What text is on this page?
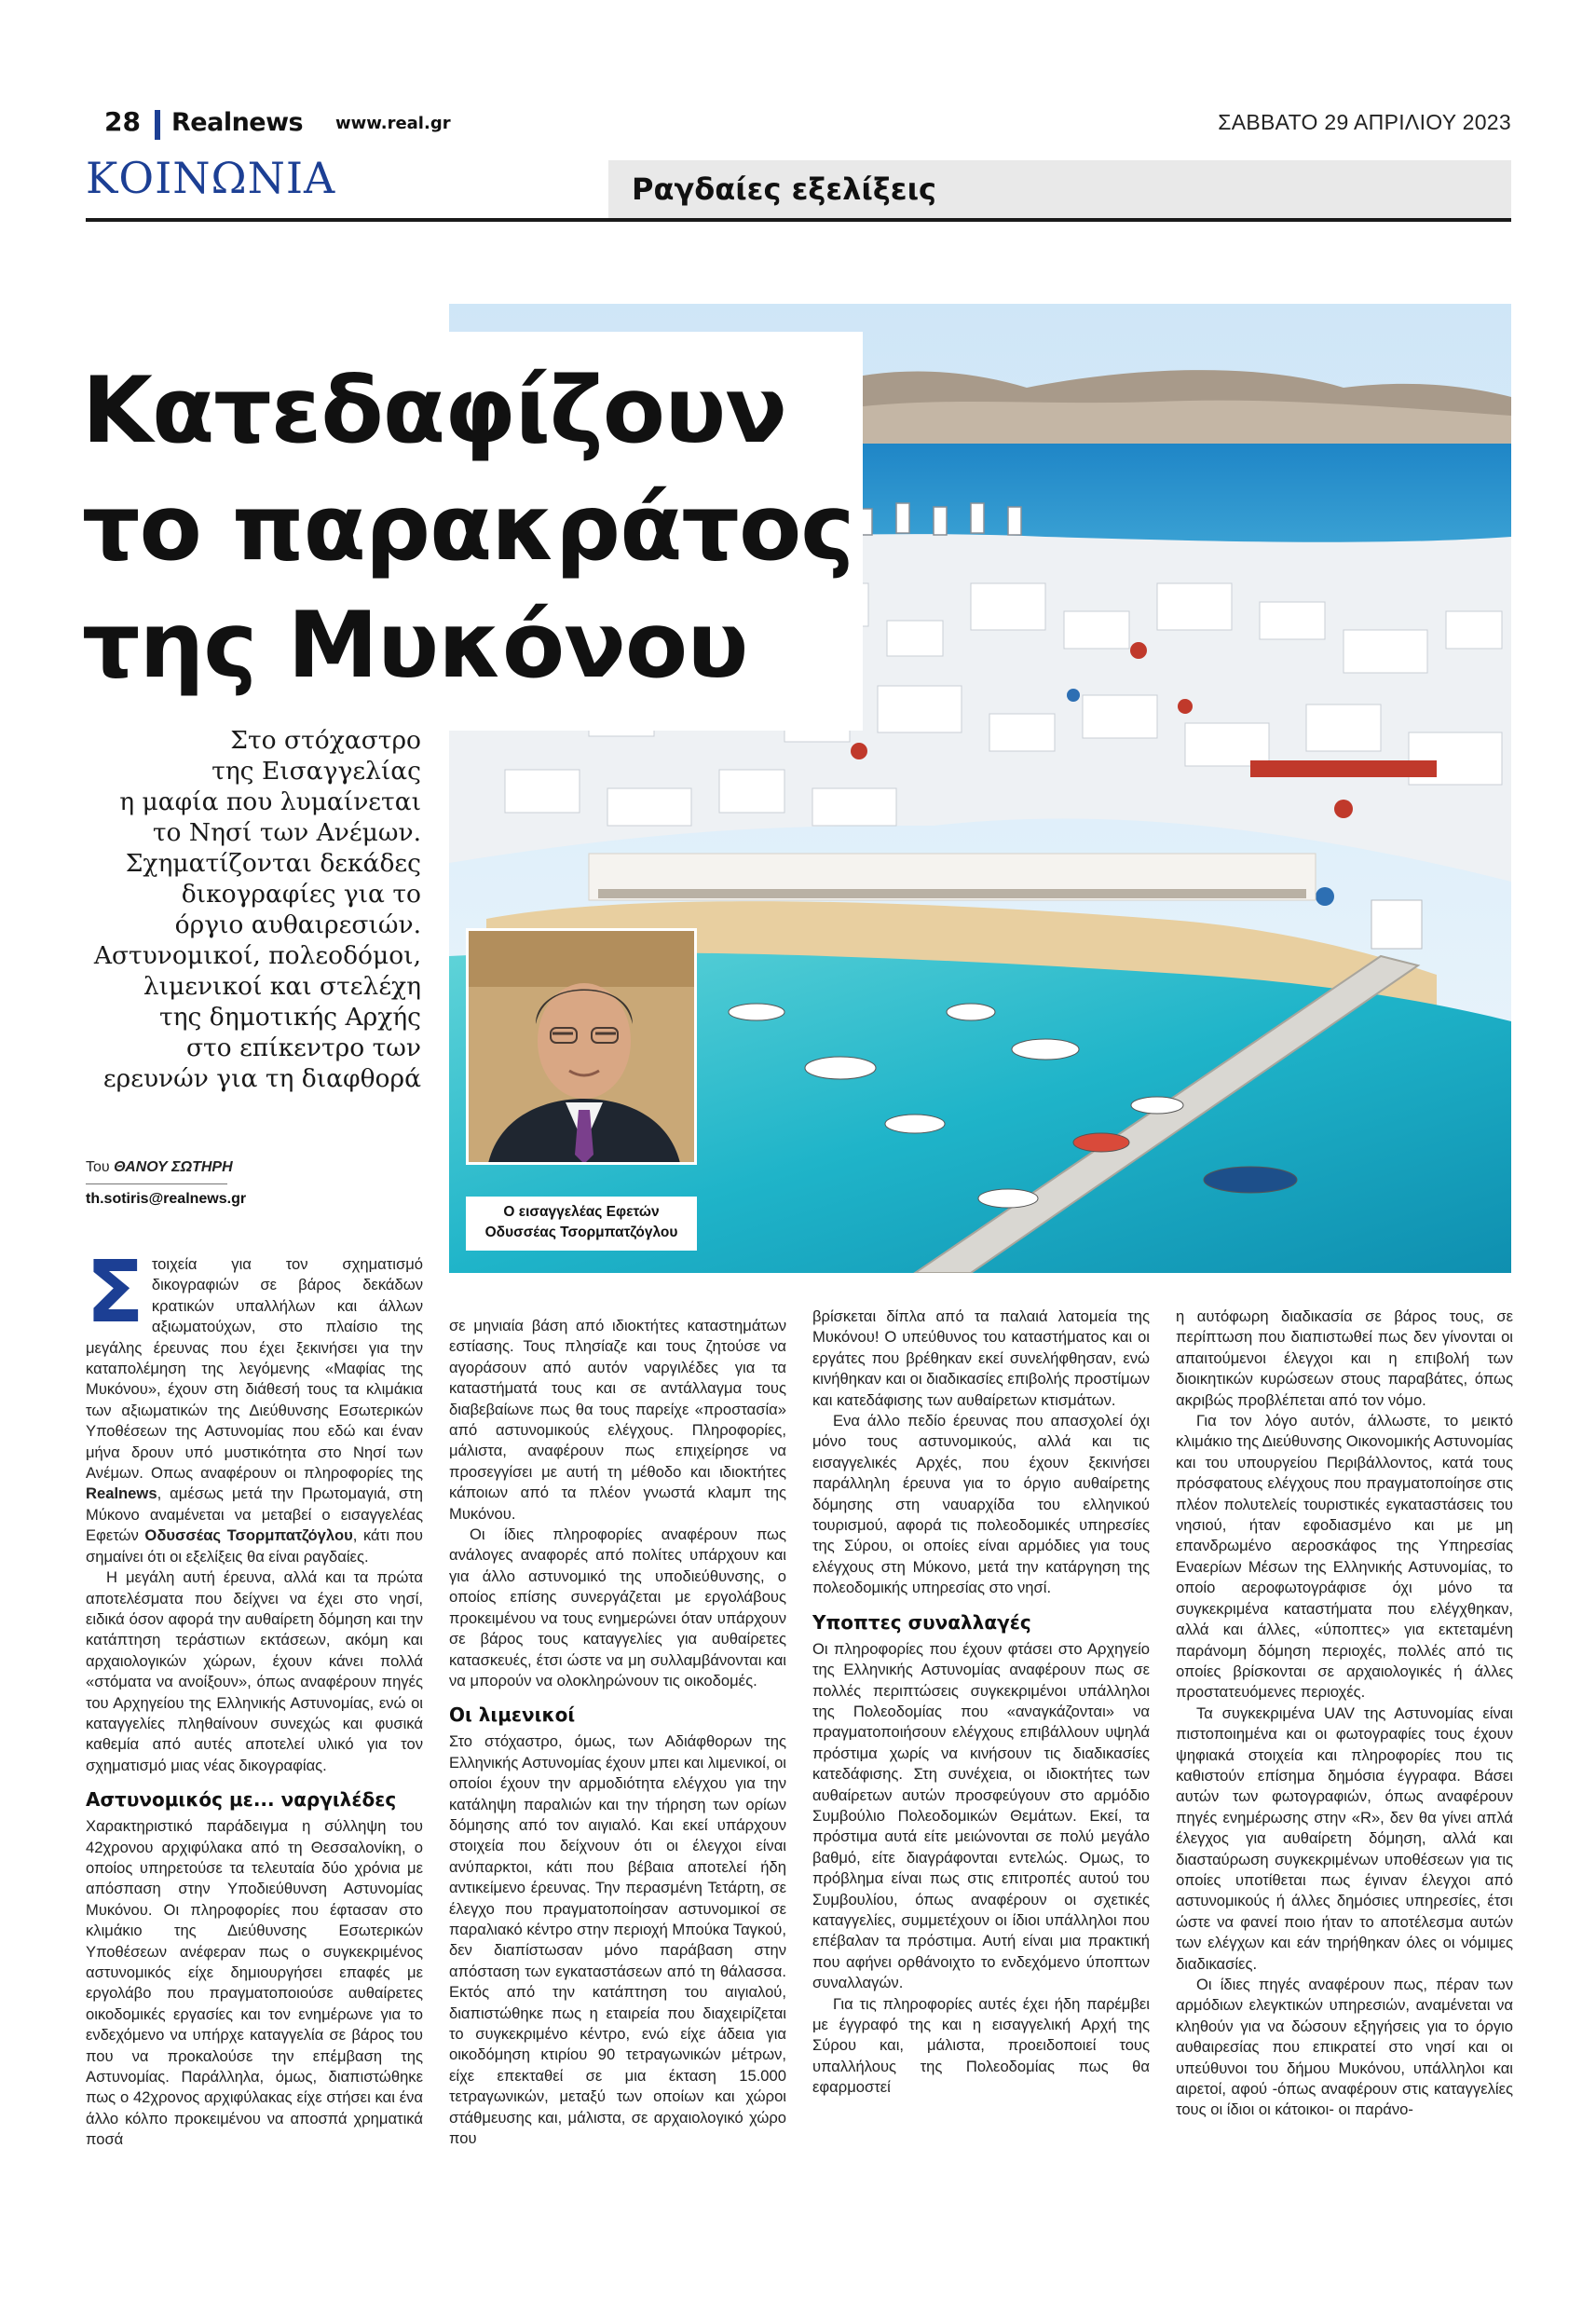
28 Realnews www.real.gr	ΣΑΒΒΑΤΟ 29 ΑΠΡΙΛΙΟΥ 2023
ΚΟΙΝΩΝΙΑ	Ραγδαίες εξελίξεις
Κατεδαφίζουν
το παρακράτος
της Μυκόνου
Στο στόχαστρο
της Εισαγγελίας
η μαφία που λυμαίνεται
το Νησί των Ανέμων.
Σχηματίζονται δεκάδες
δικογραφίες για το
όργιο αυθαιρεσιών.
Αστυνομικοί, πολεοδόμοι,
λιμενικοί και στελέχη
της δημοτικής Αρχής
στο επίκεντρο των
ερευνών για τη διαφθορά
Ο εισαγγελέας Εφετών
Οδυσσέας Τσορμπατζόγλου
Του ΘΑΝΟΥ ΣΩΤΗΡΗ
th.sotiris@realnews.gr
Σ τοιχεία για τον σχηματισμό δικογραφιών σε βάρος δεκάδων κρατικών υπαλλήλων και άλλων αξιωματούχων, στο πλαίσιο της μεγάλης έρευνας που έχει ξεκινήσει για την καταπολέμηση της λεγόμενης «Μαφίας της Μυκόνου», έχουν στη διάθεσή τους τα κλιμάκια των αξιωματικών της Διεύθυνσης Εσωτερικών Υποθέσεων της Αστυνομίας που εδώ και έναν μήνα δρουν υπό μυστικότητα στο Νησί των Ανέμων. Οπως αναφέρουν οι πληροφορίες της Realnews, αμέσως μετά την Πρωτομαγιά, στη Μύκονο αναμένεται να μεταβεί ο εισαγγελέας Εφετών Οδυσσέας Τσορμπατζόγλου, κάτι που σημαίνει ότι οι εξελίξεις θα είναι ραγδαίες.

Η μεγάλη αυτή έρευνα, αλλά και τα πρώτα αποτελέσματα που δείχνει να έχει στο νησί, ειδικά όσον αφορά την αυθαίρετη δόμηση και την κατάπτηση τεράστιων εκτάσεων, ακόμη και αρχαιολογικών χώρων, έχουν κάνει πολλά «στόματα να ανοίξουν», όπως αναφέρουν πηγές του Αρχηγείου της Ελληνικής Αστυνομίας, ενώ οι καταγγελίες πληθαίνουν συνεχώς και φυσικά καθεμία από αυτές αποτελεί υλικό για τον σχηματισμό μιας νέας δικογραφίας.

Αστυνομικός με... ναργιλέδες

Χαρακτηριστικό παράδειγμα η σύλληψη του 42χρονου αρχιφύλακα από τη Θεσσαλονίκη, ο οποίος υπηρετούσε τα τελευταία δύο χρόνια με απόσπαση στην Υποδιεύθυνση Αστυνομίας Μυκόνου. Οι πληροφορίες που έφτασαν στο κλιμάκιο της Διεύθυνσης Εσωτερικών Υποθέσεων ανέφεραν πως ο συγκεκριμένος αστυνομικός είχε δημιουργήσει επαφές με εργολάβο που πραγματοποιούσε αυθαίρετες οικοδομικές εργασίες και τον ενημέρωνε για το ενδεχόμενο να υπήρχε καταγγελία σε βάρος του που να προκαλούσε την επέμβαση της Αστυνομίας. Παράλληλα, όμως, διαπιστώθηκε πως ο 42χρονος αρχιφύλακας είχε στήσει και ένα άλλο κόλπο προκειμένου να αποσπά χρηματικά ποσά

σε μηνιαία βάση από ιδιοκτήτες καταστημάτων εστίασης. Τους πλησίαζε και τους ζητούσε να αγοράσουν από αυτόν ναργιλέδες για τα καταστήματά τους και σε αντάλλαγμα τους διαβεβαίωνε πως θα τους παρείχε «προστασία» από αστυνομικούς ελέγχους. Πληροφορίες, μάλιστα, αναφέρουν πως επιχείρησε να προσεγγίσει με αυτή τη μέθοδο και ιδιοκτήτες κάποιων από τα πλέον γνωστά κλαμπ της Μυκόνου.

Οι ίδιες πληροφορίες αναφέρουν πως ανάλογες αναφορές από πολίτες υπάρχουν και για άλλο αστυνομικό της υποδιεύθυνσης, ο οποίος επίσης συνεργάζεται με εργολάβους προκειμένου να τους ενημερώνει όταν υπάρχουν σε βάρος τους καταγγελίες για αυθαίρετες κατασκευές, έτσι ώστε να μη συλλαμβάνονται και να μπορούν να ολοκληρώνουν τις οικοδομές.

Οι λιμενικοί

Στο στόχαστρο, όμως, των Αδιάφθορων της Ελληνικής Αστυνομίας έχουν μπει και λιμενικοί, οι οποίοι έχουν την αρμοδιότητα ελέγχου για την κατάληψη παραλιών και την τήρηση των ορίων δόμησης από τον αιγιαλό. Και εκεί υπάρχουν στοιχεία που δείχνουν ότι οι έλεγχοι είναι ανύπαρκτοι, κάτι που βέβαια αποτελεί ήδη αντικείμενο έρευνας. Την περασμένη Τετάρτη, σε έλεγχο που πραγματοποίησαν αστυνομικοί σε παραλιακό κέντρο στην περιοχή Μπούκα Ταγκού, δεν διαπίστωσαν μόνο παράβαση στην απόσταση των εγκαταστάσεων από τη θάλασσα. Εκτός από την κατάπτηση του αιγιαλού, διαπιστώθηκε πως η εταιρεία που διαχειρίζεται το συγκεκριμένο κέντρο, ενώ είχε άδεια για οικοδόμηση κτιρίου 90 τετραγωνικών μέτρων, είχε επεκταθεί σε μια έκταση 15.000 τετραγωνικών, μεταξύ των οποίων και χώροι στάθμευσης και, μάλιστα, σε αρχαιολογικό χώρο που

βρίσκεται δίπλα από τα παλαιά λατομεία της Μυκόνου! Ο υπεύθυνος του καταστήματος και οι εργάτες που βρέθηκαν εκεί συνελήφθησαν, ενώ κινήθηκαν και οι διαδικασίες επιβολής προστίμων και κατεδάφισης των αυθαίρετων κτισμάτων.

Ενα άλλο πεδίο έρευνας που απασχολεί όχι μόνο τους αστυνομικούς, αλλά και τις εισαγγελικές Αρχές, που έχουν ξεκινήσει παράλληλη έρευνα για το όργιο αυθαίρετης δόμησης στη ναυαρχίδα του ελληνικού τουρισμού, αφορά τις πολεοδομικές υπηρεσίες της Σύρου, οι οποίες είναι αρμόδιες για τους ελέγχους στη Μύκονο, μετά την κατάργηση της πολεοδομικής υπηρεσίας στο νησί.

Υποπτες συναλλαγές

Οι πληροφορίες που έχουν φτάσει στο Αρχηγείο της Ελληνικής Αστυνομίας αναφέρουν πως σε πολλές περιπτώσεις συγκεκριμένοι υπάλληλοι της Πολεοδομίας που «αναγκάζονται» να πραγματοποιήσουν ελέγχους επιβάλλουν υψηλά πρόστιμα χωρίς να κινήσουν τις διαδικασίες κατεδάφισης. Στη συνέχεια, οι ιδιοκτήτες των αυθαίρετων αυτών προσφεύγουν στο αρμόδιο Συμβούλιο Πολεοδομικών Θεμάτων. Εκεί, τα πρόστιμα αυτά είτε μειώνονται σε πολύ μεγάλο βαθμό, είτε διαγράφονται εντελώς. Ομως, το πρόβλημα είναι πως στις επιτροπές αυτού του Συμβουλίου, όπως αναφέρουν οι σχετικές καταγγελίες, συμμετέχουν οι ίδιοι υπάλληλοι που επέβαλαν τα πρόστιμα. Αυτή είναι μια πρακτική που αφήνει ορθάνοιχτο το ενδεχόμενο ύποπτων συναλλαγών.

Για τις πληροφορίες αυτές έχει ήδη παρέμβει με έγγραφό της και η εισαγγελική Αρχή της Σύρου και, μάλιστα, προειδοποιεί τους υπαλλήλους της Πολεοδομίας πως θα εφαρμοστεί

η αυτόφωρη διαδικασία σε βάρος τους, σε περίπτωση που διαπιστωθεί πως δεν γίνονται οι απαιτούμενοι έλεγχοι και η επιβολή των διοικητικών κυρώσεων στους παραβάτες, όπως ακριβώς προβλέπεται από τον νόμο.

Για τον λόγο αυτόν, άλλωστε, το μεικτό κλιμάκιο της Διεύθυνσης Οικονομικής Αστυνομίας και του υπουργείου Περιβάλλοντος, κατά τους πρόσφατους ελέγχους που πραγματοποίησε στις πλέον πολυτελείς τουριστικές εγκαταστάσεις του νησιού, ήταν εφοδιασμένο και με μη επανδρωμένο αεροσκάφος της Υπηρεσίας Εναερίων Μέσων της Ελληνικής Αστυνομίας, το οποίο αεροφωτογράφισε όχι μόνο τα συγκεκριμένα καταστήματα που ελέγχθηκαν, αλλά και άλλες, «ύποπτες» για εκτεταμένη παράνομη δόμηση περιοχές, πολλές από τις οποίες βρίσκονται σε αρχαιολογικές ή άλλες προστατευόμενες περιοχές.

Τα συγκεκριμένα UAV της Αστυνομίας είναι πιστοποιημένα και οι φωτογραφίες τους έχουν ψηφιακά στοιχεία και πληροφορίες που τις καθιστούν επίσημα δημόσια έγγραφα. Βάσει αυτών των φωτογραφιών, όπως αναφέρουν πηγές ενημέρωσης στην «R», δεν θα γίνει απλά έλεγχος για αυθαίρετη δόμηση, αλλά και διασταύρωση συγκεκριμένων υποθέσεων για τις οποίες υποτίθεται πως έγιναν έλεγχοι από αστυνομικούς ή άλλες δημόσιες υπηρεσίες, έτσι ώστε να φανεί ποιο ήταν το αποτέλεσμα αυτών των ελέγχων και εάν τηρήθηκαν όλες οι νόμιμες διαδικασίες.

Οι ίδιες πηγές αναφέρουν πως, πέραν των αρμόδιων ελεγκτικών υπηρεσιών, αναμένεται να κληθούν για να δώσουν εξηγήσεις για το όργιο αυθαιρεσίας που επικρατεί στο νησί και οι υπεύθυνοι του δήμου Μυκόνου, υπάλληλοι και αιρετοί, αφού -όπως αναφέρουν στις καταγγελίες τους οι ίδιοι οι κάτοικοι- οι παράνο-
